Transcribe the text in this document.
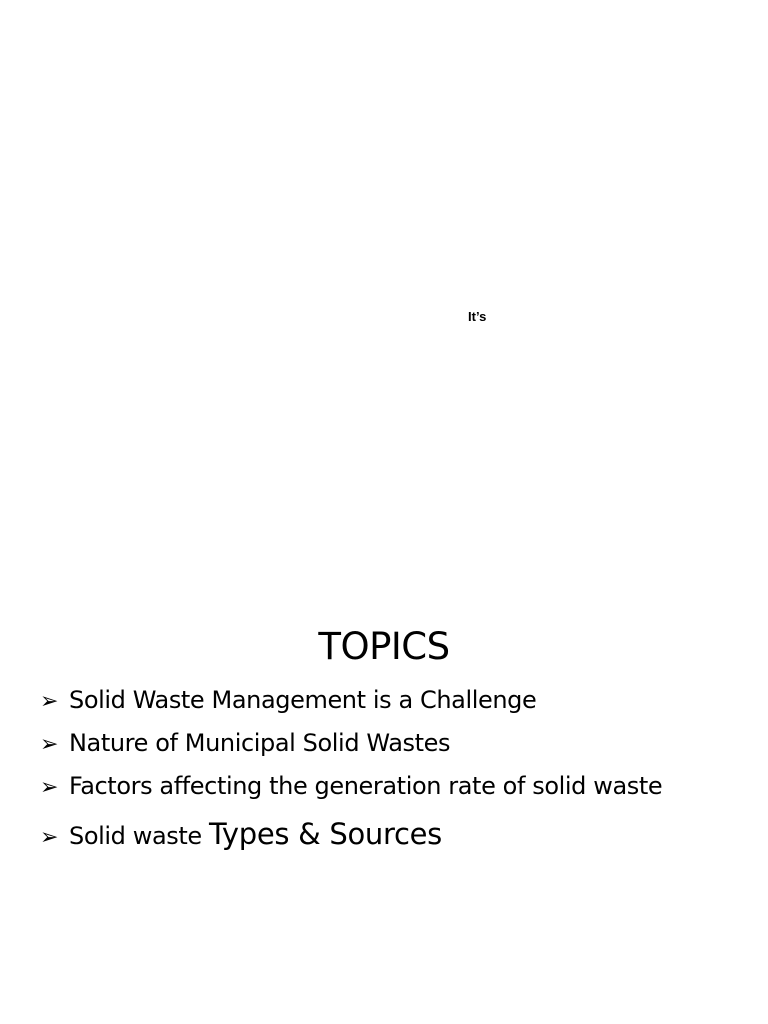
It’s
TOPICS
➢ Solid Waste Management is a Challenge
➢ Nature of Municipal Solid Wastes
➢ Factors affecting the generation rate of solid waste
➢ Solid waste Types & Sources
